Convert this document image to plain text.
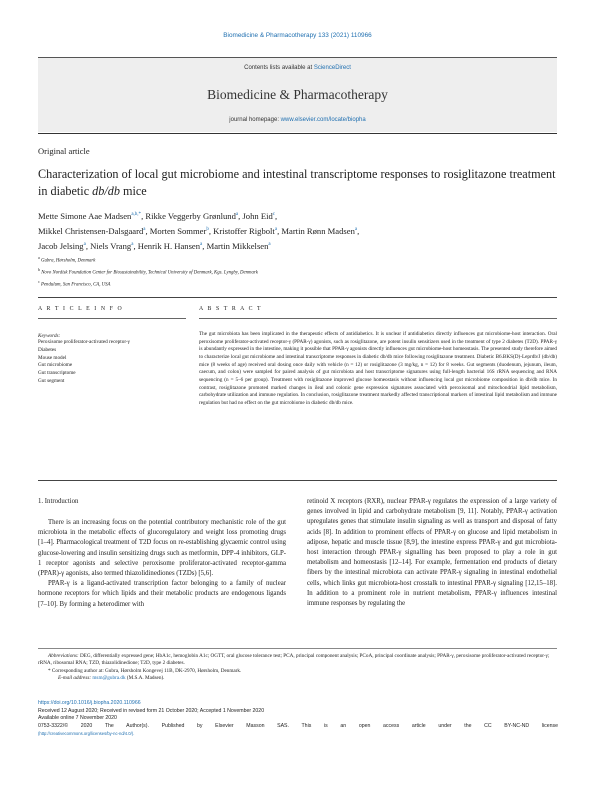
Biomedicine & Pharmacotherapy 133 (2021) 110966
Contents lists available at ScienceDirect
Biomedicine & Pharmacotherapy
journal homepage: www.elsevier.com/locate/biopha
Original article
Characterization of local gut microbiome and intestinal transcriptome responses to rosiglitazone treatment in diabetic db/db mice
Mette Simone Aae Madsen$^{a,b,*}$, Rikke Veggerby Grønlund$^a$, John Eid$^c$,
Mikkel Christensen-Dalsgaard$^a$, Morten Sommer$^b$, Kristoffer Rigbolt$^a$, Martin Rønn Madsen$^a$,
Jacob Jelsing$^a$, Niels Vrang$^a$, Henrik H. Hansen$^a$, Martin Mikkelsen$^a$
$^a$ Gubra, Hørsholm, Denmark
$^b$ Novo Nordisk Foundation Center for Biosustainability, Technical University of Denmark, Kgs. Lyngby, Denmark
$^c$ Pendulum, San Francisco, CA, USA
A R T I C L E I N F O
Keywords:
Peroxisome proliferator-activated receptor-γ
Diabetes
Mouse model
Gut microbiome
Gut transcriptome
Gut segment
A B S T R A C T
The gut microbiota has been implicated in the therapeutic effects of antidiabetics. It is unclear if antidiabetics directly influences gut microbiome-host interaction. Oral peroxisome proliferator-activated receptor-γ (PPAR-γ) agonists, such as rosiglitazone, are potent insulin sensitizers used in the treatment of type 2 diabetes (T2D). PPAR-γ is abundantly expressed in the intestine, making it possible that PPAR-γ agonists directly influences gut microbiome-host homeostasis. The presented study therefore aimed to characterize local gut microbiome and intestinal transcriptome responses in diabetic db/db mice following rosiglitazone treatment. Diabetic B6.BKS(D)-Leprdb/J (db/db) mice (8 weeks of age) received oral dosing once daily with vehicle (n = 12) or rosiglitazone (3 mg/kg, n = 12) for 8 weeks. Gut segments (duodenum, jejunum, ileum, caecum, and colon) were sampled for paired analysis of gut microbiota and host transcriptome signatures using full-length bacterial 16S rRNA sequencing and RNA sequencing (n = 5–6 per group). Treatment with rosiglitazone improved glucose homeostasis without influencing local gut microbiome composition in db/db mice. In contrast, rosiglitazone promoted marked changes in ileal and colonic gene expression signatures associated with peroxisomal and mitochondrial lipid metabolism, carbohydrate utilization and immune regulation. In conclusion, rosiglitazone treatment markedly affected transcriptional markers of intestinal lipid metabolism and immune regulation but had no effect on the gut microbiome in diabetic db/db mice.
1. Introduction

There is an increasing focus on the potential contributory mechanistic role of the gut microbiota in the metabolic effects of glucoregulatory and weight loss promoting drugs [1–4]. Pharmacological treatment of T2D focus on re-establishing glycaemic control using glucose-lowering and insulin sensitizing drugs such as metformin, DPP-4 inhibitors, GLP-1 receptor agonists and selective peroxisome proliferator-activated receptor-gamma (PPAR)-γ agonists, also termed thiazolidinediones (TZDs) [5,6].

PPAR-γ is a ligand-activated transcription factor belonging to a family of nuclear hormone receptors for which lipids and their metabolic products are endogenous ligands [7–10]. By forming a heterodimer with

retinoid X receptors (RXR), nuclear PPAR-γ regulates the expression of a large variety of genes involved in lipid and carbohydrate metabolism [9, 11]. Notably, PPAR-γ activation upregulates genes that stimulate insulin signaling as well as transport and disposal of fatty acids [8]. In addition to prominent effects of PPAR-γ on glucose and lipid metabolism in adipose, hepatic and muscle tissue [8,9], the intestine express PPAR-γ and gut microbiota-host interaction through PPAR-γ signalling has been proposed to play a role in gut metabolism and homeostasis [12–14]. For example, fermentation end products of dietary fibers by the intestinal microbiota can activate PPAR-γ signaling in intestinal endothelial cells, which links gut microbiota-host crosstalk to intestinal PPAR-γ signaling [12,15–18]. In addition to a prominent role in nutrient metabolism, PPAR-γ influences intestinal immune responses by regulating the

Abbreviations: DEG, differentially expressed gene; HbA1c, hemoglobin A1c; OGTT, oral glucose tolerance test; PCA, principal component analysis; PCoA, principal coordinate analysis; PPAR-γ, peroxisome proliferator-activated receptor-γ; rRNA, ribosomal RNA; TZD, thiazolidinedione; T2D, type 2 diabetes.
* Corresponding author at: Gubra, Hørsholm Kongevej 11B, DK-2970, Hørsholm, Denmark.
E-mail address: msm@gubra.dk (M.S.A. Madsen).
https://doi.org/10.1016/j.biopha.2020.110966
Received 12 August 2020; Received in revised form 21 October 2020; Accepted 1 November 2020
Available online 7 November 2020
0753-3322/© 2020 The Author(s). Published by Elsevier Masson SAS. This is an open access article under the CC BY-NC-ND license
(http://creativecommons.org/licenses/by-nc-nd/4.0/).
